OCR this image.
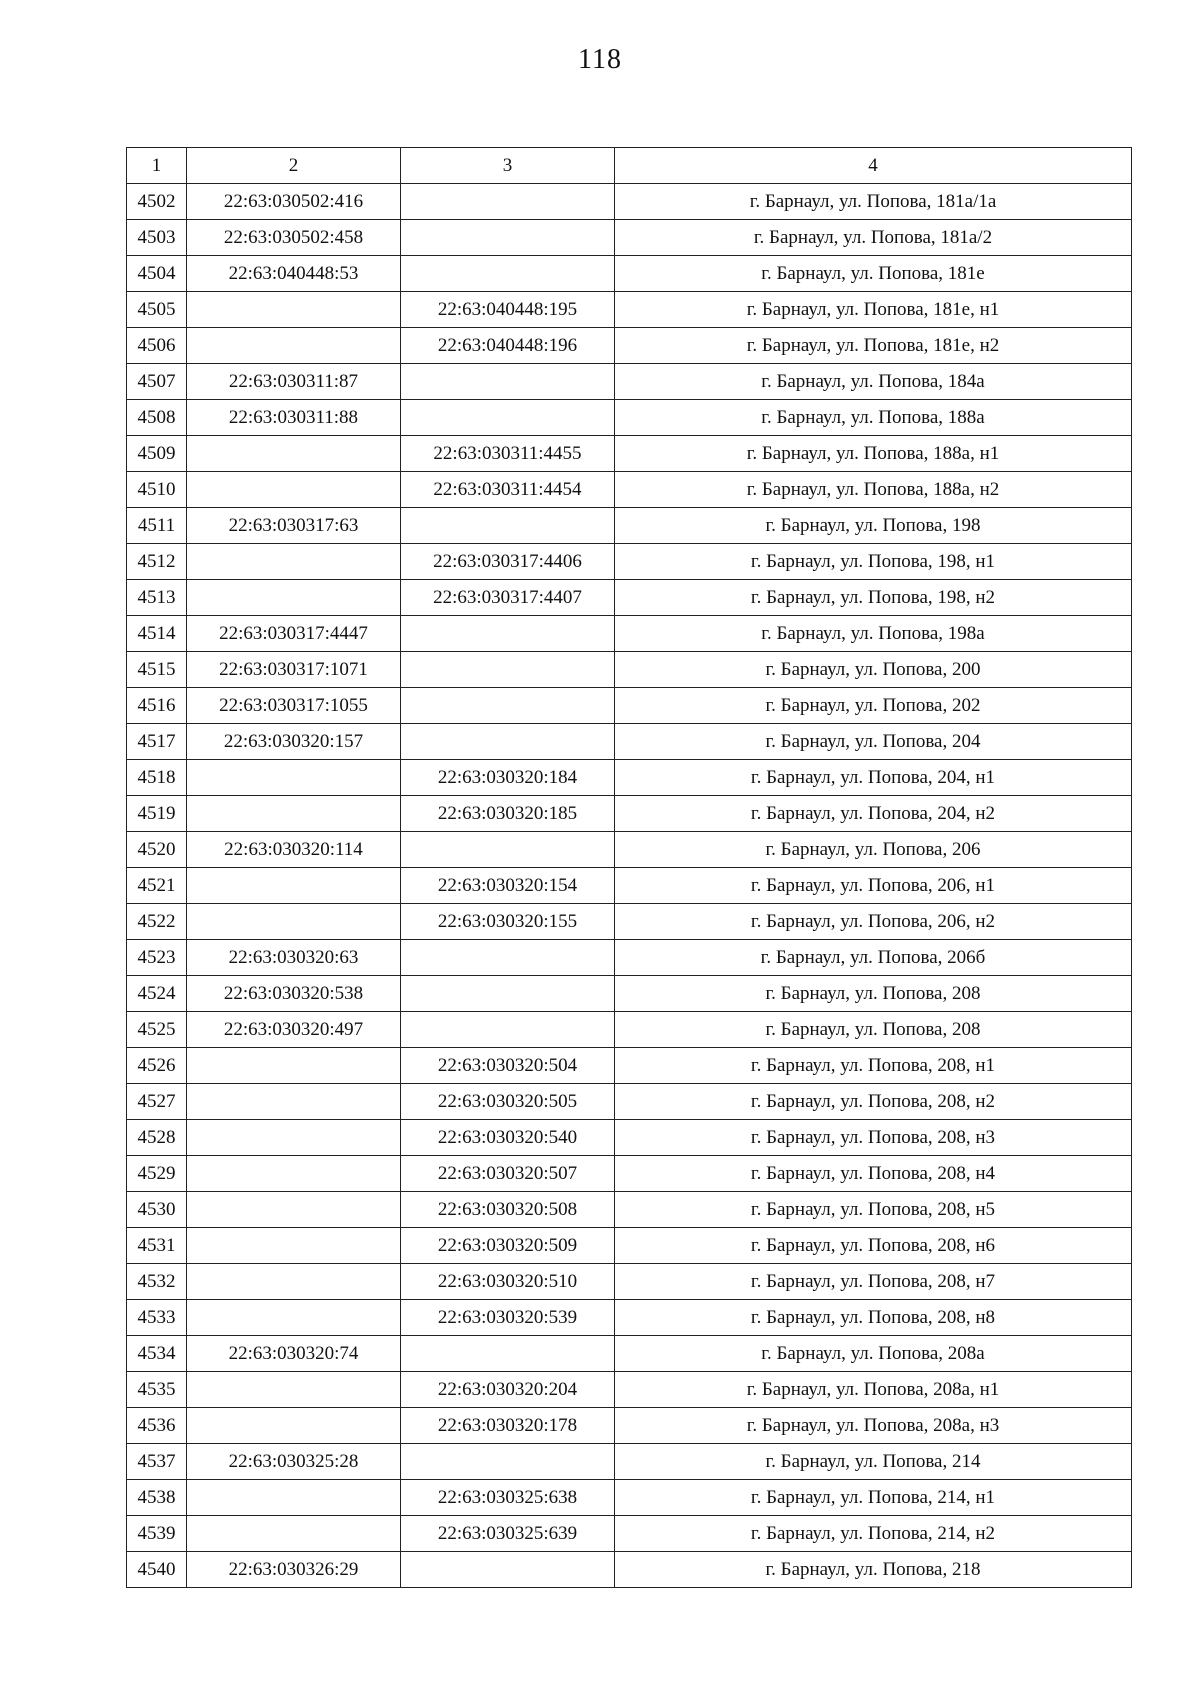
118
1	2	3	4
4502	22:63:030502:416		г. Барнаул, ул. Попова, 181а/1а
4503	22:63:030502:458		г. Барнаул, ул. Попова, 181а/2
4504	22:63:040448:53		г. Барнаул, ул. Попова, 181е
4505		22:63:040448:195	г. Барнаул, ул. Попова, 181е, н1
4506		22:63:040448:196	г. Барнаул, ул. Попова, 181е, н2
4507	22:63:030311:87		г. Барнаул, ул. Попова, 184а
4508	22:63:030311:88		г. Барнаул, ул. Попова, 188а
4509		22:63:030311:4455	г. Барнаул, ул. Попова, 188а, н1
4510		22:63:030311:4454	г. Барнаул, ул. Попова, 188а, н2
4511	22:63:030317:63		г. Барнаул, ул. Попова, 198
4512		22:63:030317:4406	г. Барнаул, ул. Попова, 198, н1
4513		22:63:030317:4407	г. Барнаул, ул. Попова, 198, н2
4514	22:63:030317:4447		г. Барнаул, ул. Попова, 198а
4515	22:63:030317:1071		г. Барнаул, ул. Попова, 200
4516	22:63:030317:1055		г. Барнаул, ул. Попова, 202
4517	22:63:030320:157		г. Барнаул, ул. Попова, 204
4518		22:63:030320:184	г. Барнаул, ул. Попова, 204, н1
4519		22:63:030320:185	г. Барнаул, ул. Попова, 204, н2
4520	22:63:030320:114		г. Барнаул, ул. Попова, 206
4521		22:63:030320:154	г. Барнаул, ул. Попова, 206, н1
4522		22:63:030320:155	г. Барнаул, ул. Попова, 206, н2
4523	22:63:030320:63		г. Барнаул, ул. Попова, 206б
4524	22:63:030320:538		г. Барнаул, ул. Попова, 208
4525	22:63:030320:497		г. Барнаул, ул. Попова, 208
4526		22:63:030320:504	г. Барнаул, ул. Попова, 208, н1
4527		22:63:030320:505	г. Барнаул, ул. Попова, 208, н2
4528		22:63:030320:540	г. Барнаул, ул. Попова, 208, н3
4529		22:63:030320:507	г. Барнаул, ул. Попова, 208, н4
4530		22:63:030320:508	г. Барнаул, ул. Попова, 208, н5
4531		22:63:030320:509	г. Барнаул, ул. Попова, 208, н6
4532		22:63:030320:510	г. Барнаул, ул. Попова, 208, н7
4533		22:63:030320:539	г. Барнаул, ул. Попова, 208, н8
4534	22:63:030320:74		г. Барнаул, ул. Попова, 208а
4535		22:63:030320:204	г. Барнаул, ул. Попова, 208а, н1
4536		22:63:030320:178	г. Барнаул, ул. Попова, 208а, н3
4537	22:63:030325:28		г. Барнаул, ул. Попова, 214
4538		22:63:030325:638	г. Барнаул, ул. Попова, 214, н1
4539		22:63:030325:639	г. Барнаул, ул. Попова, 214, н2
4540	22:63:030326:29		г. Барнаул, ул. Попова, 218
